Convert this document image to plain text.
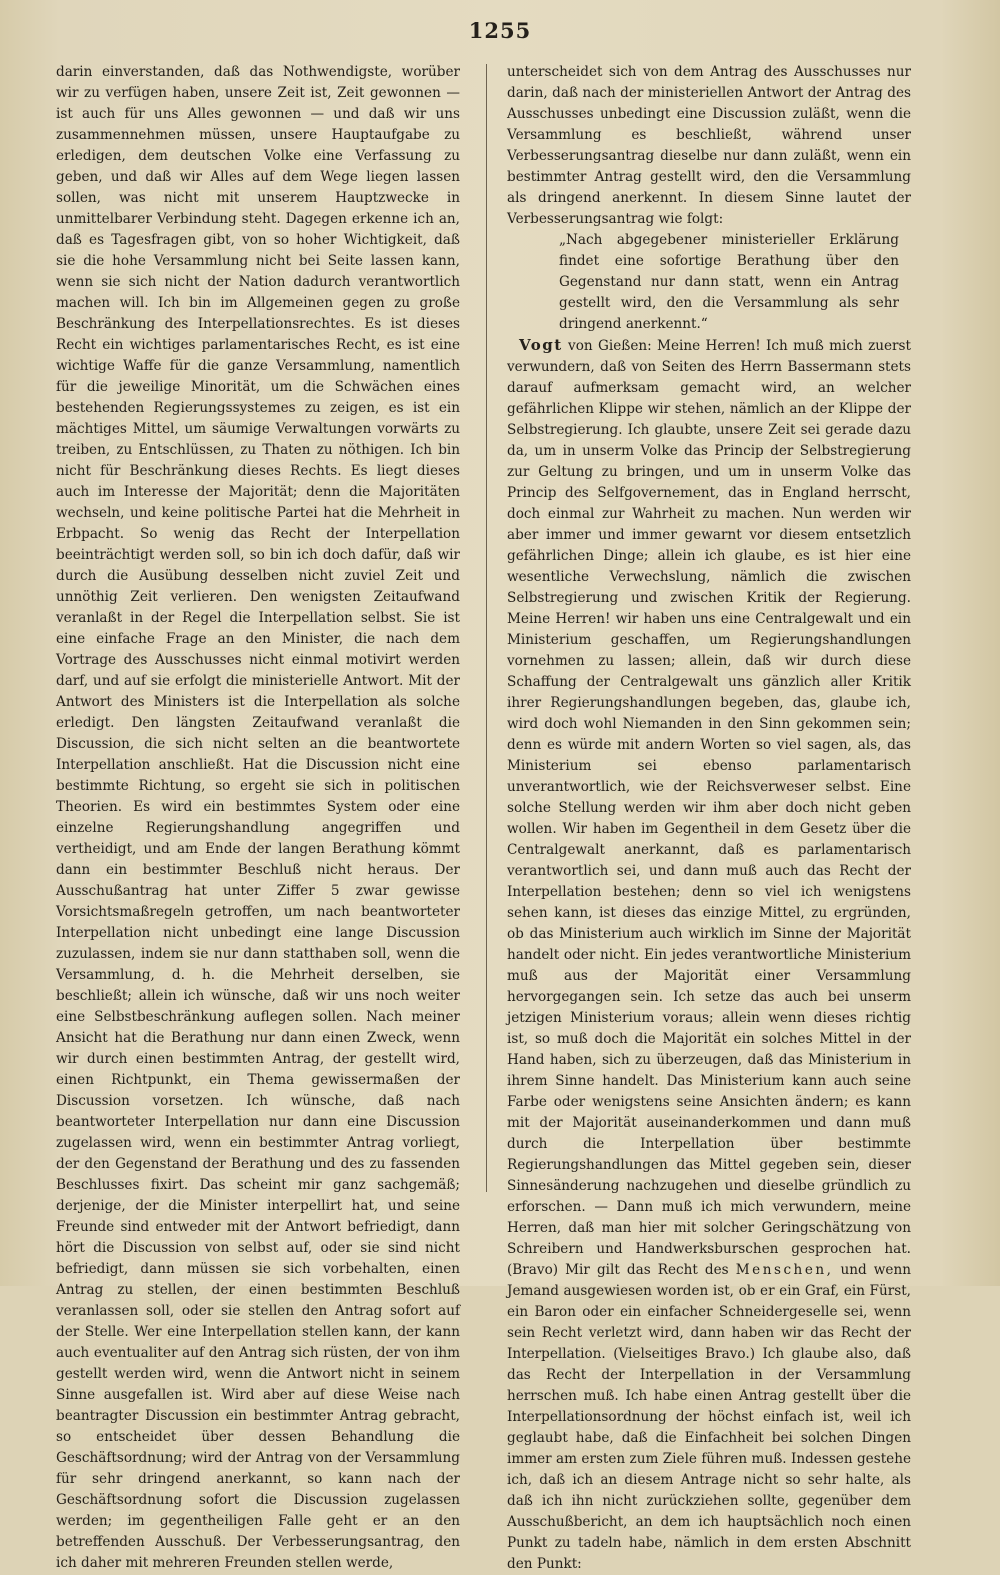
1255

darin einverstanden, daß das Nothwendigste, worüber wir zu verfügen haben, unsere Zeit ist, Zeit gewonnen — ist auch für uns Alles gewonnen — und daß wir uns zusammennehmen müssen, unsere Hauptaufgabe zu erledigen, dem deutschen Volke eine Verfassung zu geben, und daß wir Alles auf dem Wege liegen lassen sollen, was nicht mit unserem Hauptzwecke in unmittelbarer Verbindung steht. Dagegen erkenne ich an, daß es Tagesfragen gibt, von so hoher Wichtigkeit, daß sie die hohe Versammlung nicht bei Seite lassen kann, wenn sie sich nicht der Nation dadurch verantwortlich machen will. Ich bin im Allgemeinen gegen zu große Beschränkung des Interpellationsrechtes. Es ist dieses Recht ein wichtiges parlamentarisches Recht, es ist eine wichtige Waffe für die ganze Versammlung, namentlich für die jeweilige Minorität, um die Schwächen eines bestehenden Regierungssystemes zu zeigen, es ist ein mächtiges Mittel, um säumige Verwaltungen vorwärts zu treiben, zu Entschlüssen, zu Thaten zu nöthigen. Ich bin nicht für Beschränkung dieses Rechts. Es liegt dieses auch im Interesse der Majorität; denn die Majoritäten wechseln, und keine politische Partei hat die Mehrheit in Erbpacht. So wenig das Recht der Interpellation beeinträchtigt werden soll, so bin ich doch dafür, daß wir durch die Ausübung desselben nicht zuviel Zeit und unnöthig Zeit verlieren. Den wenigsten Zeitaufwand veranlaßt in der Regel die Interpellation selbst. Sie ist eine einfache Frage an den Minister, die nach dem Vortrage des Ausschusses nicht einmal motivirt werden darf, und auf sie erfolgt die ministerielle Antwort. Mit der Antwort des Ministers ist die Interpellation als solche erledigt. Den längsten Zeitaufwand veranlaßt die Discussion, die sich nicht selten an die beantwortete Interpellation anschließt. Hat die Discussion nicht eine bestimmte Richtung, so ergeht sie sich in politischen Theorien. Es wird ein bestimmtes System oder eine einzelne Regierungshandlung angegriffen und vertheidigt, und am Ende der langen Berathung kömmt dann ein bestimmter Beschluß nicht heraus. Der Ausschußantrag hat unter Ziffer 5 zwar gewisse Vorsichtsmaßregeln getroffen, um nach beantworteter Interpellation nicht unbedingt eine lange Discussion zuzulassen, indem sie nur dann statthaben soll, wenn die Versammlung, d. h. die Mehrheit derselben, sie beschließt; allein ich wünsche, daß wir uns noch weiter eine Selbstbeschränkung auflegen sollen. Nach meiner Ansicht hat die Berathung nur dann einen Zweck, wenn wir durch einen bestimmten Antrag, der gestellt wird, einen Richtpunkt, ein Thema gewissermaßen der Discussion vorsetzen. Ich wünsche, daß nach beantworteter Interpellation nur dann eine Discussion zugelassen wird, wenn ein bestimmter Antrag vorliegt, der den Gegenstand der Berathung und des zu fassenden Beschlusses fixirt. Das scheint mir ganz sachgemäß; derjenige, der die Minister interpellirt hat, und seine Freunde sind entweder mit der Antwort befriedigt, dann hört die Discussion von selbst auf, oder sie sind nicht befriedigt, dann müssen sie sich vorbehalten, einen Antrag zu stellen, der einen bestimmten Beschluß veranlassen soll, oder sie stellen den Antrag sofort auf der Stelle. Wer eine Interpellation stellen kann, der kann auch eventualiter auf den Antrag sich rüsten, der von ihm gestellt werden wird, wenn die Antwort nicht in seinem Sinne ausgefallen ist. Wird aber auf diese Weise nach beantragter Discussion ein bestimmter Antrag gebracht, so entscheidet über dessen Behandlung die Geschäftsordnung; wird der Antrag von der Versammlung für sehr dringend anerkannt, so kann nach der Geschäftsordnung sofort die Discussion zugelassen werden; im gegentheiligen Falle geht er an den betreffenden Ausschuß. Der Verbesserungsantrag, den ich daher mit mehreren Freunden stellen werde,

unterscheidet sich von dem Antrag des Ausschusses nur darin, daß nach der ministeriellen Antwort der Antrag des Ausschusses unbedingt eine Discussion zuläßt, wenn die Versammlung es beschließt, während unser Verbesserungsantrag dieselbe nur dann zuläßt, wenn ein bestimmter Antrag gestellt wird, den die Versammlung als dringend anerkennt. In diesem Sinne lautet der Verbesserungsantrag wie folgt:

„Nach abgegebener ministerieller Erklärung findet eine sofortige Berathung über den Gegenstand nur dann statt, wenn ein Antrag gestellt wird, den die Versammlung als sehr dringend anerkennt.“

Vogt von Gießen: Meine Herren! Ich muß mich zuerst verwundern, daß von Seiten des Herrn Bassermann stets darauf aufmerksam gemacht wird, an welcher gefährlichen Klippe wir stehen, nämlich an der Klippe der Selbstregierung. Ich glaubte, unsere Zeit sei gerade dazu da, um in unserm Volke das Princip der Selbstregierung zur Geltung zu bringen, und um in unserm Volke das Princip des Selfgovernement, das in England herrscht, doch einmal zur Wahrheit zu machen. Nun werden wir aber immer und immer gewarnt vor diesem entsetzlich gefährlichen Dinge; allein ich glaube, es ist hier eine wesentliche Verwechslung, nämlich die zwischen Selbstregierung und zwischen Kritik der Regierung. Meine Herren! wir haben uns eine Centralgewalt und ein Ministerium geschaffen, um Regierungshandlungen vornehmen zu lassen; allein, daß wir durch diese Schaffung der Centralgewalt uns gänzlich aller Kritik ihrer Regierungshandlungen begeben, das, glaube ich, wird doch wohl Niemanden in den Sinn gekommen sein; denn es würde mit andern Worten so viel sagen, als, das Ministerium sei ebenso parlamentarisch unverantwortlich, wie der Reichsverweser selbst. Eine solche Stellung werden wir ihm aber doch nicht geben wollen. Wir haben im Gegentheil in dem Gesetz über die Centralgewalt anerkannt, daß es parlamentarisch verantwortlich sei, und dann muß auch das Recht der Interpellation bestehen; denn so viel ich wenigstens sehen kann, ist dieses das einzige Mittel, zu ergründen, ob das Ministerium auch wirklich im Sinne der Majorität handelt oder nicht. Ein jedes verantwortliche Ministerium muß aus der Majorität einer Versammlung hervorgegangen sein. Ich setze das auch bei unserm jetzigen Ministerium voraus; allein wenn dieses richtig ist, so muß doch die Majorität ein solches Mittel in der Hand haben, sich zu überzeugen, daß das Ministerium in ihrem Sinne handelt. Das Ministerium kann auch seine Farbe oder wenigstens seine Ansichten ändern; es kann mit der Majorität auseinanderkommen und dann muß durch die Interpellation über bestimmte Regierungshandlungen das Mittel gegeben sein, dieser Sinnesänderung nachzugehen und dieselbe gründlich zu erforschen. — Dann muß ich mich verwundern, meine Herren, daß man hier mit solcher Geringschätzung von Schreibern und Handwerksburschen gesprochen hat. (Bravo) Mir gilt das Recht des Menschen, und wenn Jemand ausgewiesen worden ist, ob er ein Graf, ein Fürst, ein Baron oder ein einfacher Schneidergeselle sei, wenn sein Recht verletzt wird, dann haben wir das Recht der Interpellation. (Vielseitiges Bravo.) Ich glaube also, daß das Recht der Interpellation in der Versammlung herrschen muß. Ich habe einen Antrag gestellt über die Interpellationsordnung der höchst einfach ist, weil ich geglaubt habe, daß die Einfachheit bei solchen Dingen immer am ersten zum Ziele führen muß. Indessen gestehe ich, daß ich an diesem Antrage nicht so sehr halte, als daß ich ihn nicht zurückziehen sollte, gegenüber dem Ausschußbericht, an dem ich hauptsächlich noch einen Punkt zu tadeln habe, nämlich in dem ersten Abschnitt den Punkt:
